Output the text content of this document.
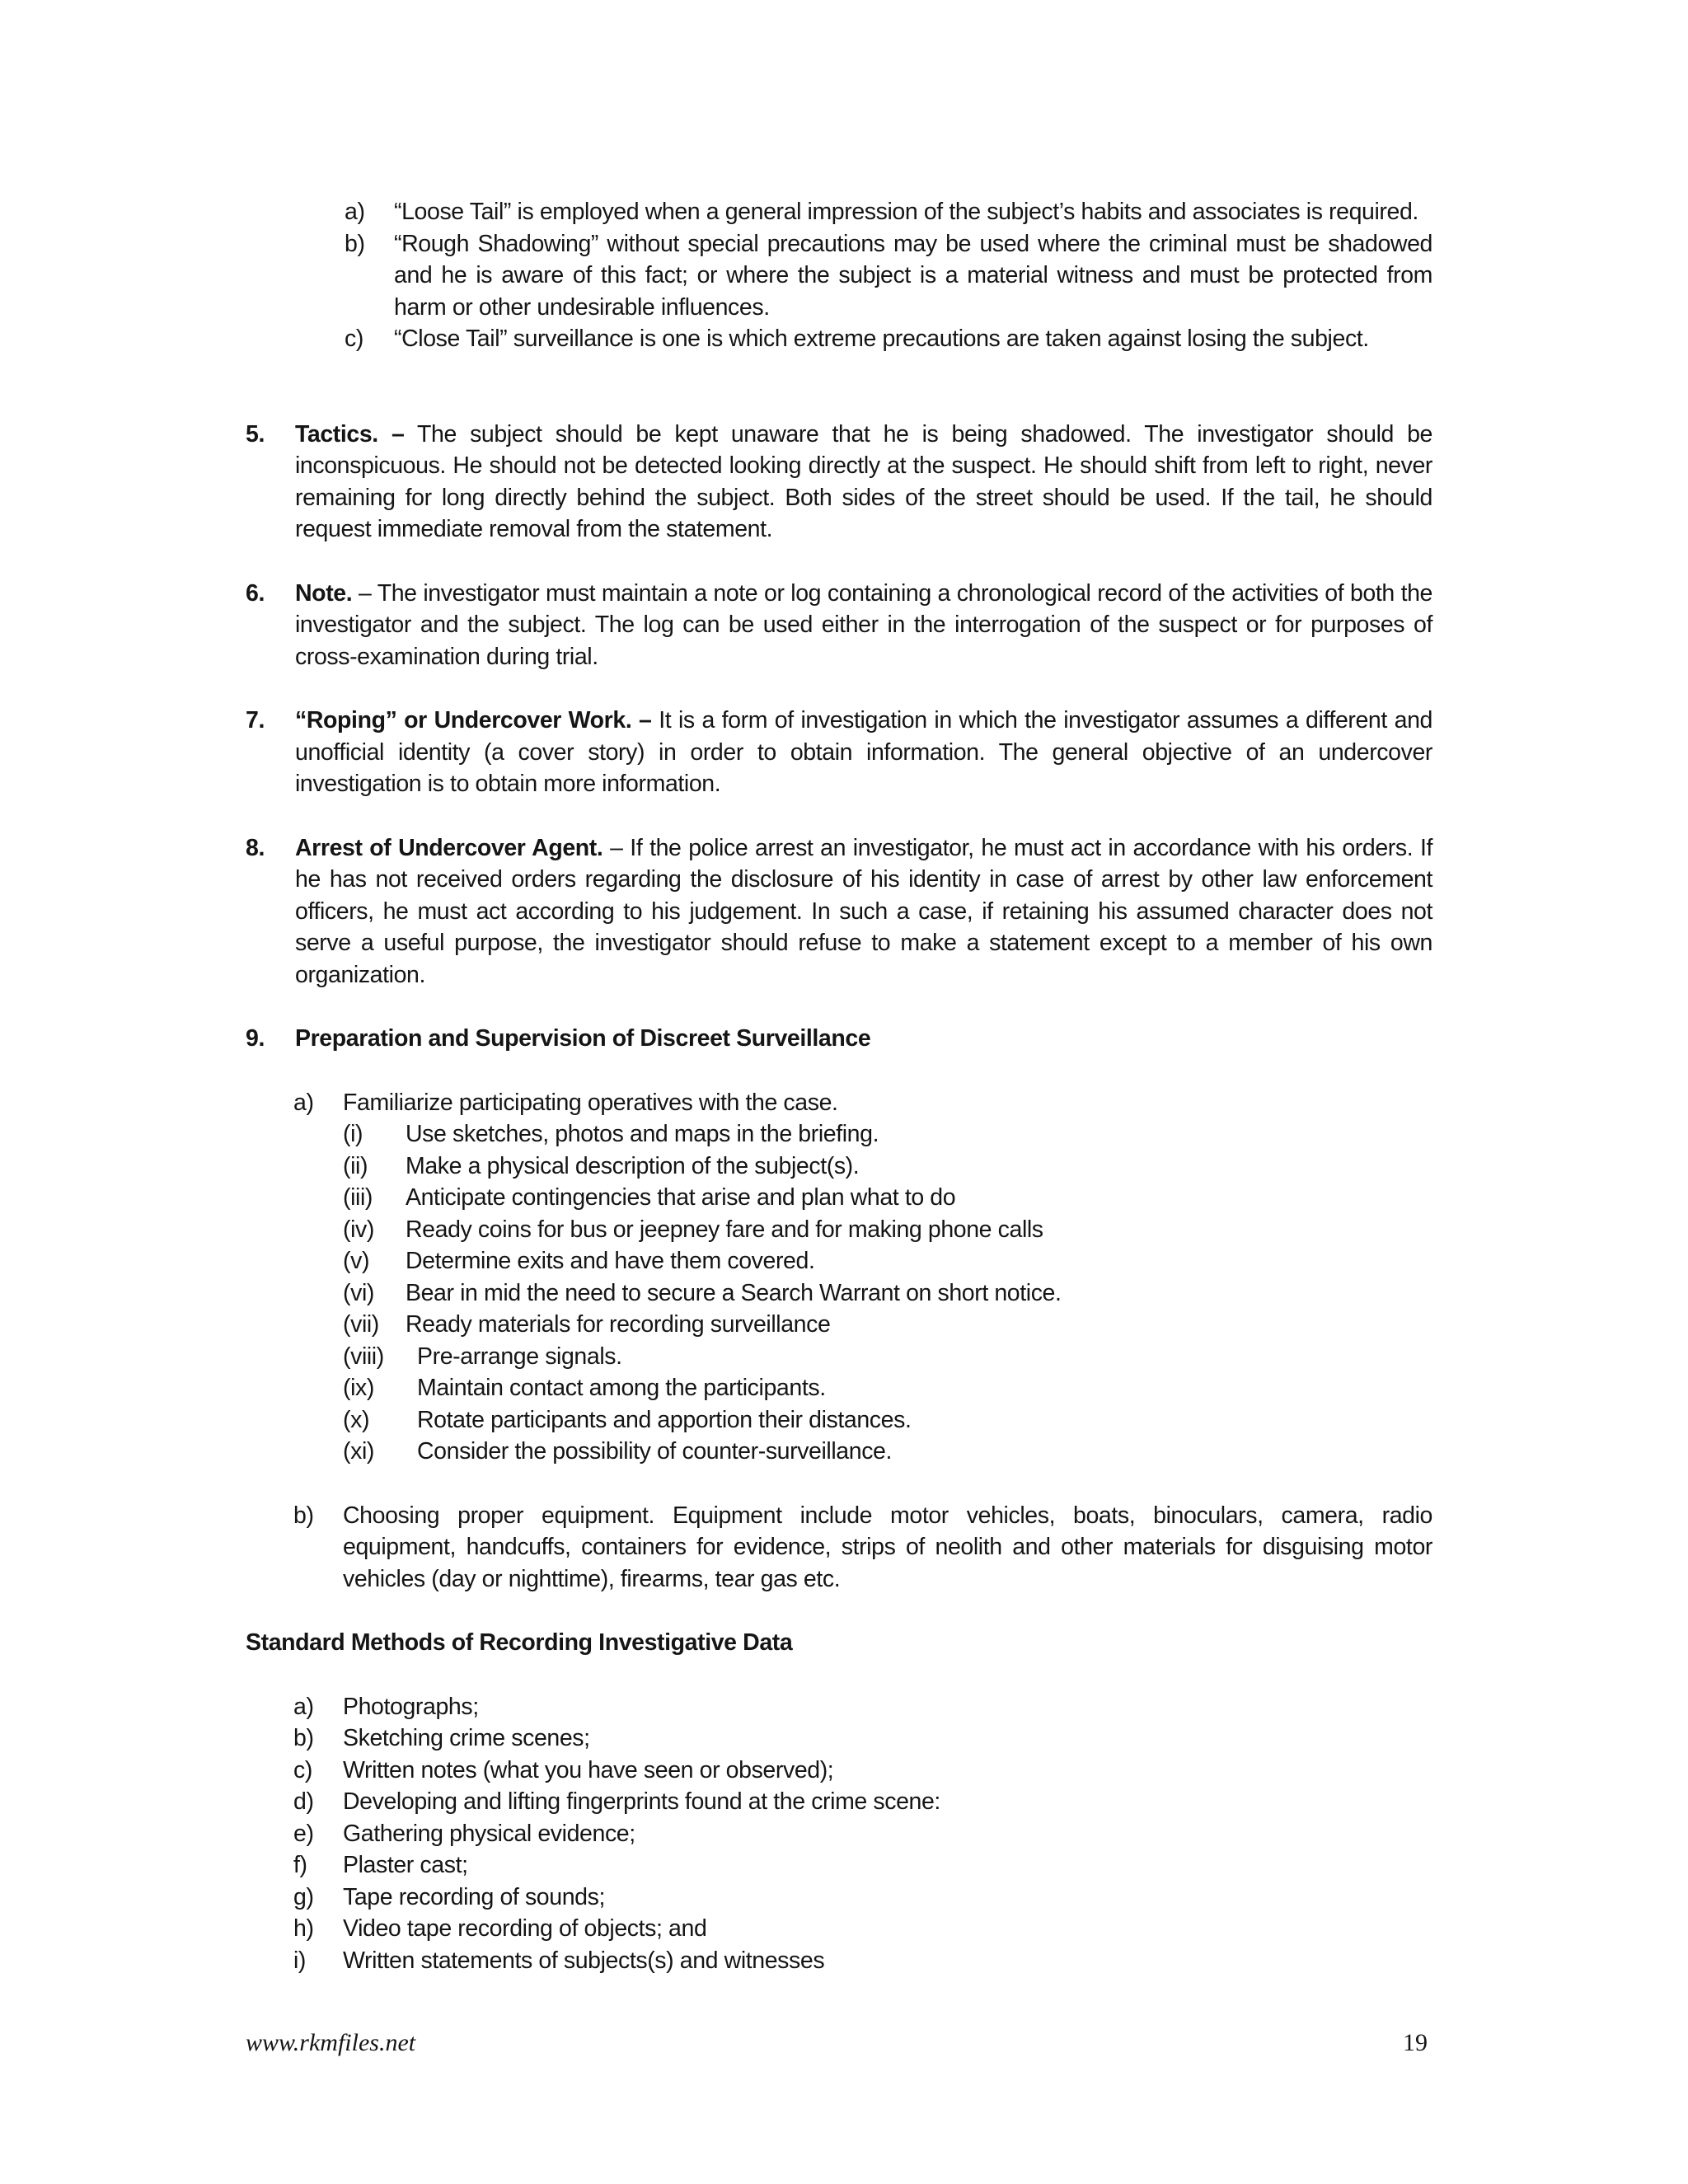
a)	“Loose Tail” is employed when a general impression of the subject’s habits and associates is required.
b)	“Rough Shadowing” without special precautions may be used where the criminal must be shadowed and he is aware of this fact; or where the subject is a material witness and must be protected from harm or other undesirable influences.
c)	“Close Tail” surveillance is one is which extreme precautions are taken against losing the subject.
5.	Tactics. – The subject should be kept unaware that he is being shadowed. The investigator should be inconspicuous. He should not be detected looking directly at the suspect. He should shift from left to right, never remaining for long directly behind the subject. Both sides of the street should be used. If the tail, he should request immediate removal from the statement.
6.	Note. – The investigator must maintain a note or log containing a chronological record of the activities of both the investigator and the subject. The log can be used either in the interrogation of the suspect or for purposes of cross-examination during trial.
7.	“Roping” or Undercover Work. – It is a form of investigation in which the investigator assumes a different and unofficial identity (a cover story) in order to obtain information. The general objective of an undercover investigation is to obtain more information.
8.	Arrest of Undercover Agent. – If the police arrest an investigator, he must act in accordance with his orders. If he has not received orders regarding the disclosure of his identity in case of arrest by other law enforcement officers, he must act according to his judgement. In such a case, if retaining his assumed character does not serve a useful purpose, the investigator should refuse to make a statement except to a member of his own organization.
9.	Preparation and Supervision of Discreet Surveillance
a)	Familiarize participating operatives with the case.
(i)	Use sketches, photos and maps in the briefing.
(ii)	Make a physical description of the subject(s).
(iii)	Anticipate contingencies that arise and plan what to do
(iv)	Ready coins for bus or jeepney fare and for making phone calls
(v)	Determine exits and have them covered.
(vi)	Bear in mid the need to secure a Search Warrant on short notice.
(vii)	Ready materials for recording surveillance
(viii)	Pre-arrange signals.
(ix)	Maintain contact among the participants.
(x)	Rotate participants and apportion their distances.
(xi)	Consider the possibility of counter-surveillance.
b)	Choosing proper equipment. Equipment include motor vehicles, boats, binoculars, camera, radio equipment, handcuffs, containers for evidence, strips of neolith and other materials for disguising motor vehicles (day or nighttime), firearms, tear gas etc.
Standard Methods of Recording Investigative Data
a)	Photographs;
b)	Sketching crime scenes;
c)	Written notes (what you have seen or observed);
d)	Developing and lifting fingerprints found at the crime scene:
e)	Gathering physical evidence;
f)	Plaster cast;
g)	Tape recording of sounds;
h)	Video tape recording of objects; and
i)	Written statements of subjects(s) and witnesses
www.rkmfiles.net	19
